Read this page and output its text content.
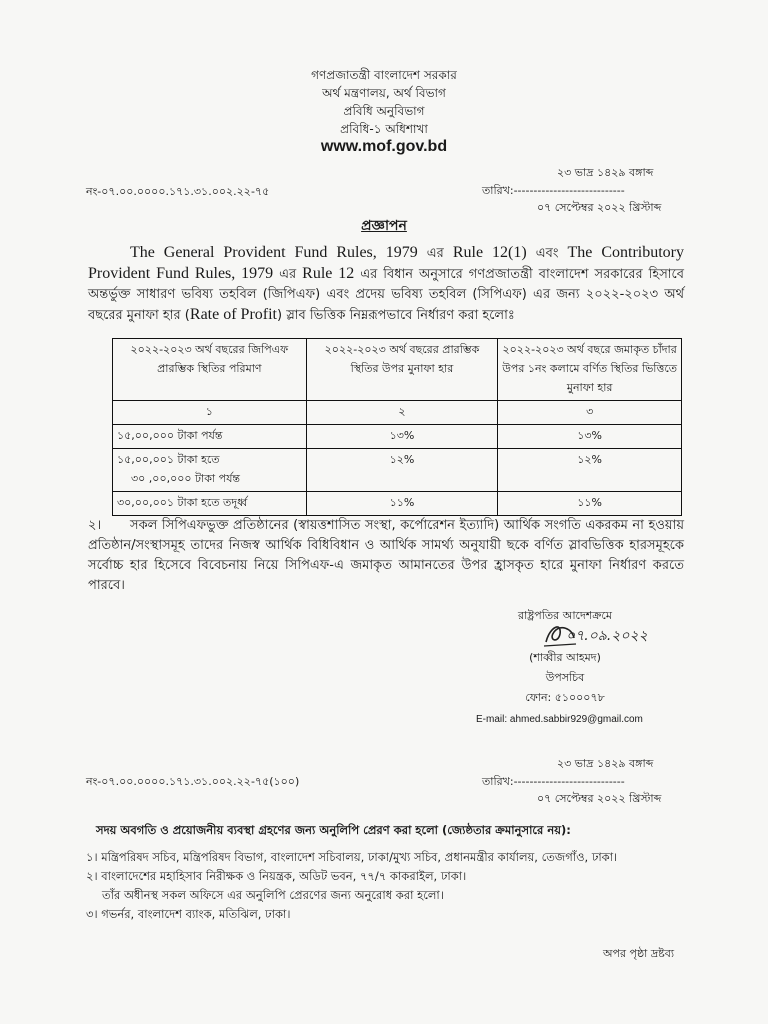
গণপ্রজাতন্ত্রী বাংলাদেশ সরকার
অর্থ মন্ত্রণালয়, অর্থ বিভাগ
প্রবিধি অনুবিভাগ
প্রবিধি-১ অধিশাখা
www.mof.gov.bd
নং-০৭.০০.০০০০.১৭১.৩১.০০২.২২-৭৫
২৩ ভাদ্র ১৪২৯ বঙ্গাব্দ
তারিখ:----------------------------
০৭ সেপ্টেম্বর ২০২২ খ্রিস্টাব্দ
প্রজ্ঞাপন
The General Provident Fund Rules, 1979 এর Rule 12(1) এবং The Contributory Provident Fund Rules, 1979 এর Rule 12 এর বিধান অনুসারে গণপ্রজাতন্ত্রী বাংলাদেশ সরকারের হিসাবে অন্তর্ভুক্ত সাধারণ ভবিষ্য তহবিল (জিপিএফ) এবং প্রদেয় ভবিষ্য তহবিল (সিপিএফ) এর জন্য ২০২২-২০২৩ অর্থ বছরের মুনাফা হার (Rate of Profit) স্লাব ভিত্তিক নিম্নরূপভাবে নির্ধারণ করা হলোঃ
২০২২-২০২৩ অর্থ বছরের জিপিএফ প্রারম্ভিক স্থিতির পরিমাণ	২০২২-২০২৩ অর্থ বছরের প্রারম্ভিক স্থিতির উপর মুনাফা হার	২০২২-২০২৩ অর্থ বছরে জমাকৃত চাঁদার উপর ১নং কলামে বর্ণিত স্থিতির ভিত্তিতে মুনাফা হার
১	২	৩

১৫,০০,০০০ টাকা পর্যন্ত	১৩%	১৩%

১৫,০০,০০১ টাকা হতে
৩০ ,০০,০০০ টাকা পর্যন্ত	১২%	১২%

৩০,০০,০০১ টাকা হতে তদূর্ধ্ব	১১%	১১%
২। সকল সিপিএফভুক্ত প্রতিষ্ঠানের (স্বায়ত্তশাসিত সংস্থা, কর্পোরেশন ইত্যাদি) আর্থিক সংগতি একরকম না হওয়ায় প্রতিষ্ঠান/সংস্থাসমূহ তাদের নিজস্ব আর্থিক বিধিবিধান ও আর্থিক সামর্থ্য অনুযায়ী ছকে বর্ণিত স্লাবভিত্তিক হারসমূহকে সর্বোচ্চ হার হিসেবে বিবেচনায় নিয়ে সিপিএফ-এ জমাকৃত আমানতের উপর হ্রাসকৃত হারে মুনাফা নির্ধারণ করতে পারবে।
রাষ্ট্রপতির আদেশক্রমে
০৭.০৯.২০২২
(শাব্বীর আহমদ)
উপসচিব
ফোন: ৫১০০০৭৮
E-mail: ahmed.sabbir929@gmail.com
নং-০৭.০০.০০০০.১৭১.৩১.০০২.২২-৭৫(১০০)
২৩ ভাদ্র ১৪২৯ বঙ্গাব্দ
তারিখ:----------------------------
০৭ সেপ্টেম্বর ২০২২ খ্রিস্টাব্দ
সদয় অবগতি ও প্রয়োজনীয় ব্যবস্থা গ্রহণের জন্য অনুলিপি প্রেরণ করা হলো (জ্যেষ্ঠতার ক্রমানুসারে নয়):
১। মন্ত্রিপরিষদ সচিব, মন্ত্রিপরিষদ বিভাগ, বাংলাদেশ সচিবালয়, ঢাকা/মুখ্য সচিব, প্রধানমন্ত্রীর কার্যালয়, তেজগাঁও, ঢাকা।
২। বাংলাদেশের মহাহিসাব নিরীক্ষক ও নিয়ন্ত্রক, অডিট ভবন, ৭৭/৭ কাকরাইল, ঢাকা।
তাঁর অধীনস্থ সকল অফিসে এর অনুলিপি প্রেরণের জন্য অনুরোধ করা হলো।
৩। গভর্নর, বাংলাদেশ ব্যাংক, মতিঝিল, ঢাকা।
অপর পৃষ্ঠা দ্রষ্টব্য
